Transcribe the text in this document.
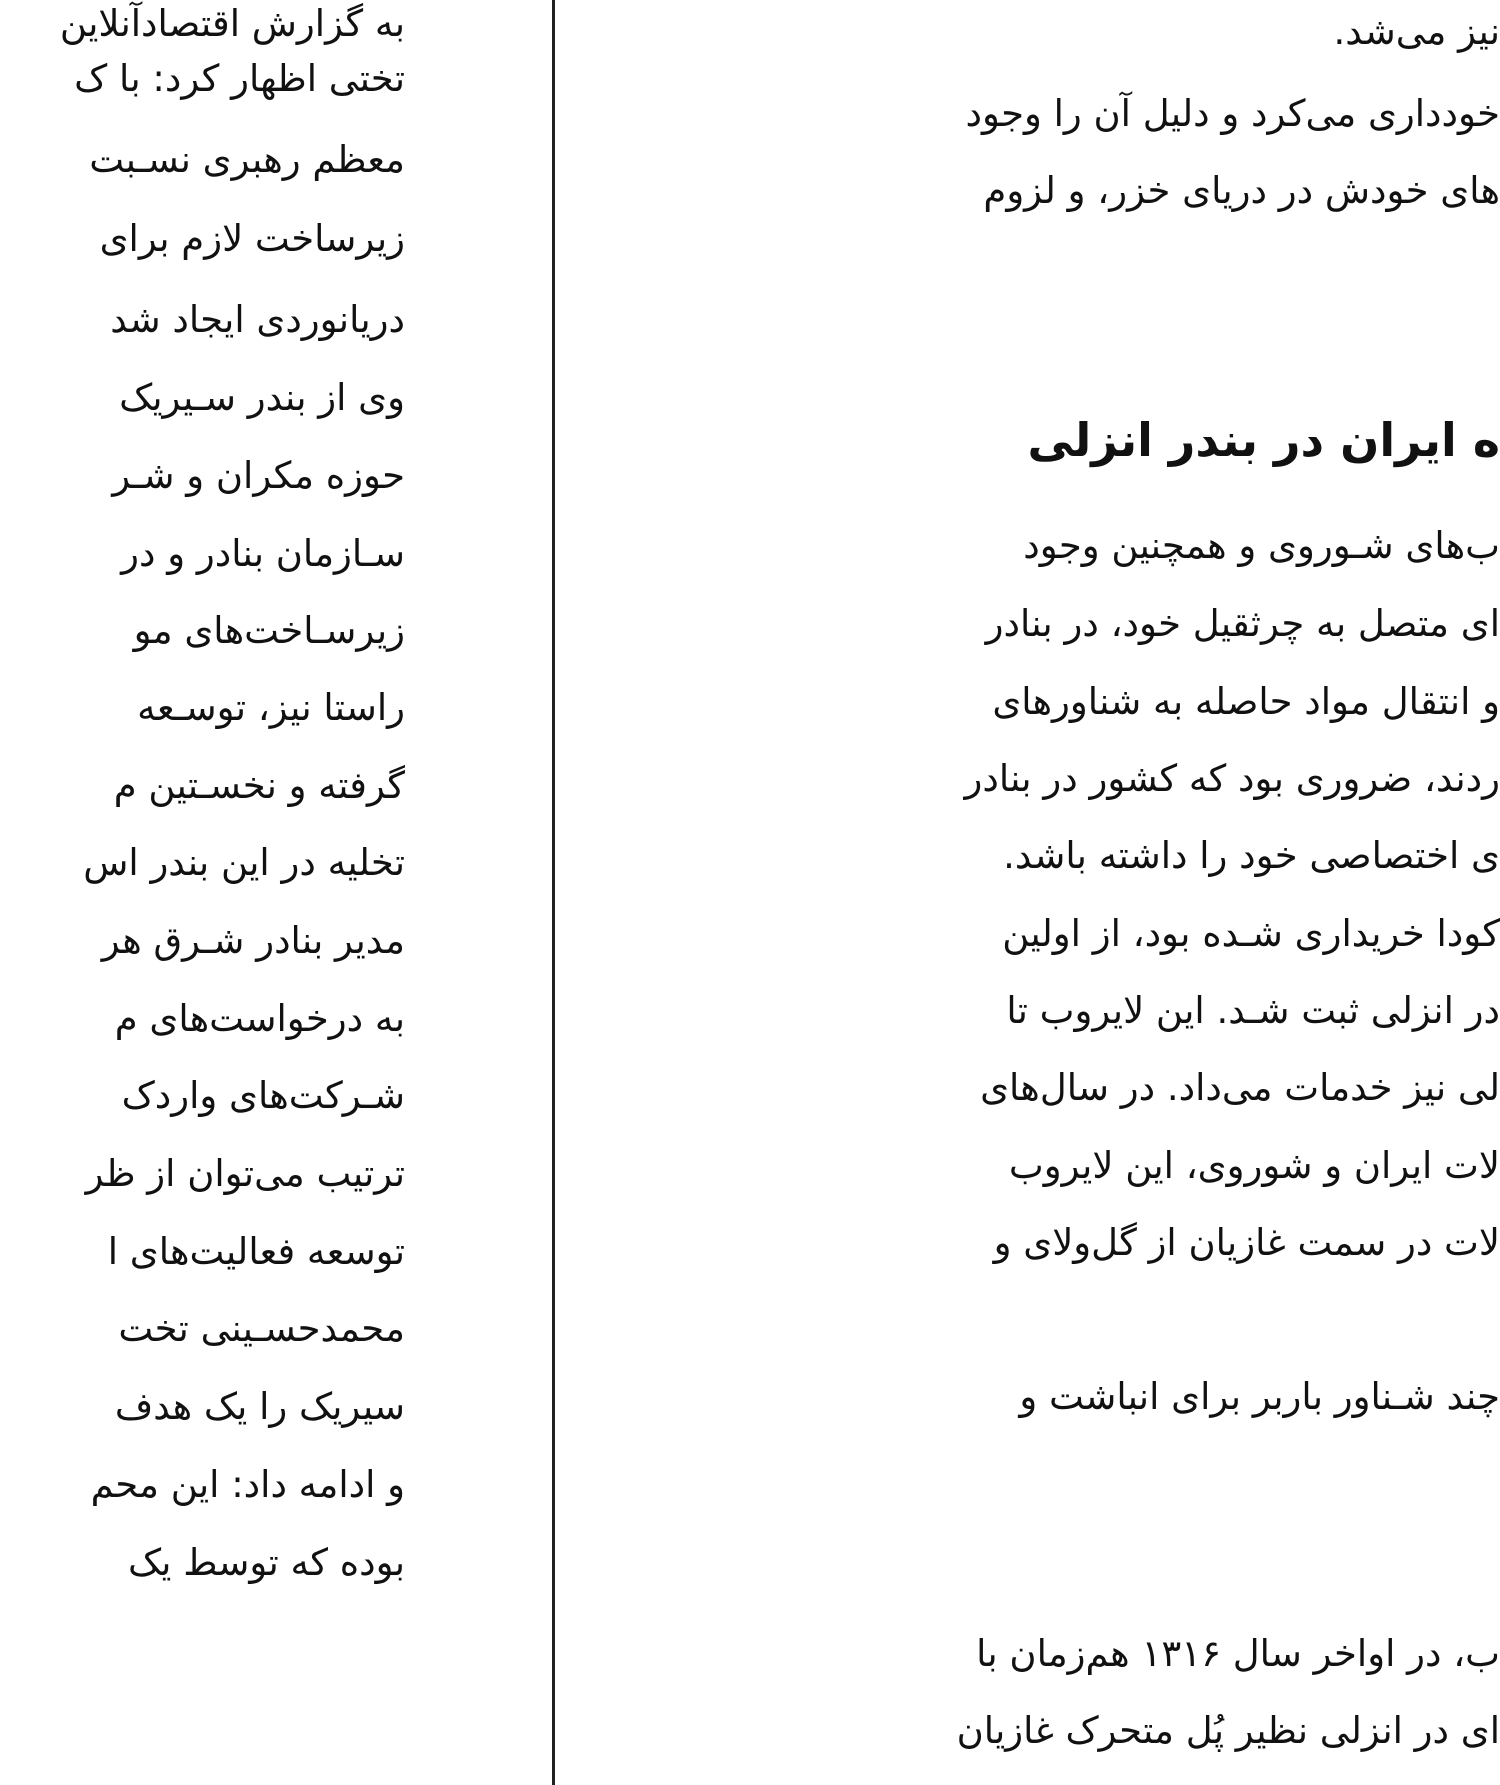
به گزارش اقتصادآنلاین
تختی اظهار کرد: با ک
معظم رهبری نسـبت
زیرساخت لازم برای
دریانوردی ایجاد شد
وی از بندر سـیریک
حوزه مکران و شـر
سـازمان بنادر و در
زیرسـاخت‌های مو
راستا نیز، توسـعه
گرفته و نخسـتین م
تخلیه در این بندر اس
مدیر بنادر شـرق هر
به درخواست‌های م
شـرکت‌های واردک
ترتیب می‌توان از ظر
توسعه فعالیت‌های ا
محمدحسـینی تخت
سیریک را یک هدف
و ادامه داد: این محم
بوده که توسط یک
نیز می‌شد.
خودداری می‌کرد و دلیل آن را وجود
های خودش در دریای خزر، و لزوم
ه ایران در بندر انزلی
ب‌های شـوروی و همچنین وجود
ای متصل به چرثقیل خود، در بنادر
و انتقال مواد حاصله به شناورهای
ردند، ضروری بود که کشور در بنادر
ی اختصاصی خود را داشته باشد.
کودا خریداری شـده بود، از اولین
در انزلی ثبت شـد. این لایروب تا
لی نیز خدمات می‌داد. در سال‌های
لات ایران و شوروی، این لایروب
لات در سمت غازیان از گل‌ولای و
چند شـناور باربر برای انباشت و
ب، در اواخر سال ۱۳۱۶ هم‌زمان با
ای در انزلی نظیر پُل متحرک غازیان
